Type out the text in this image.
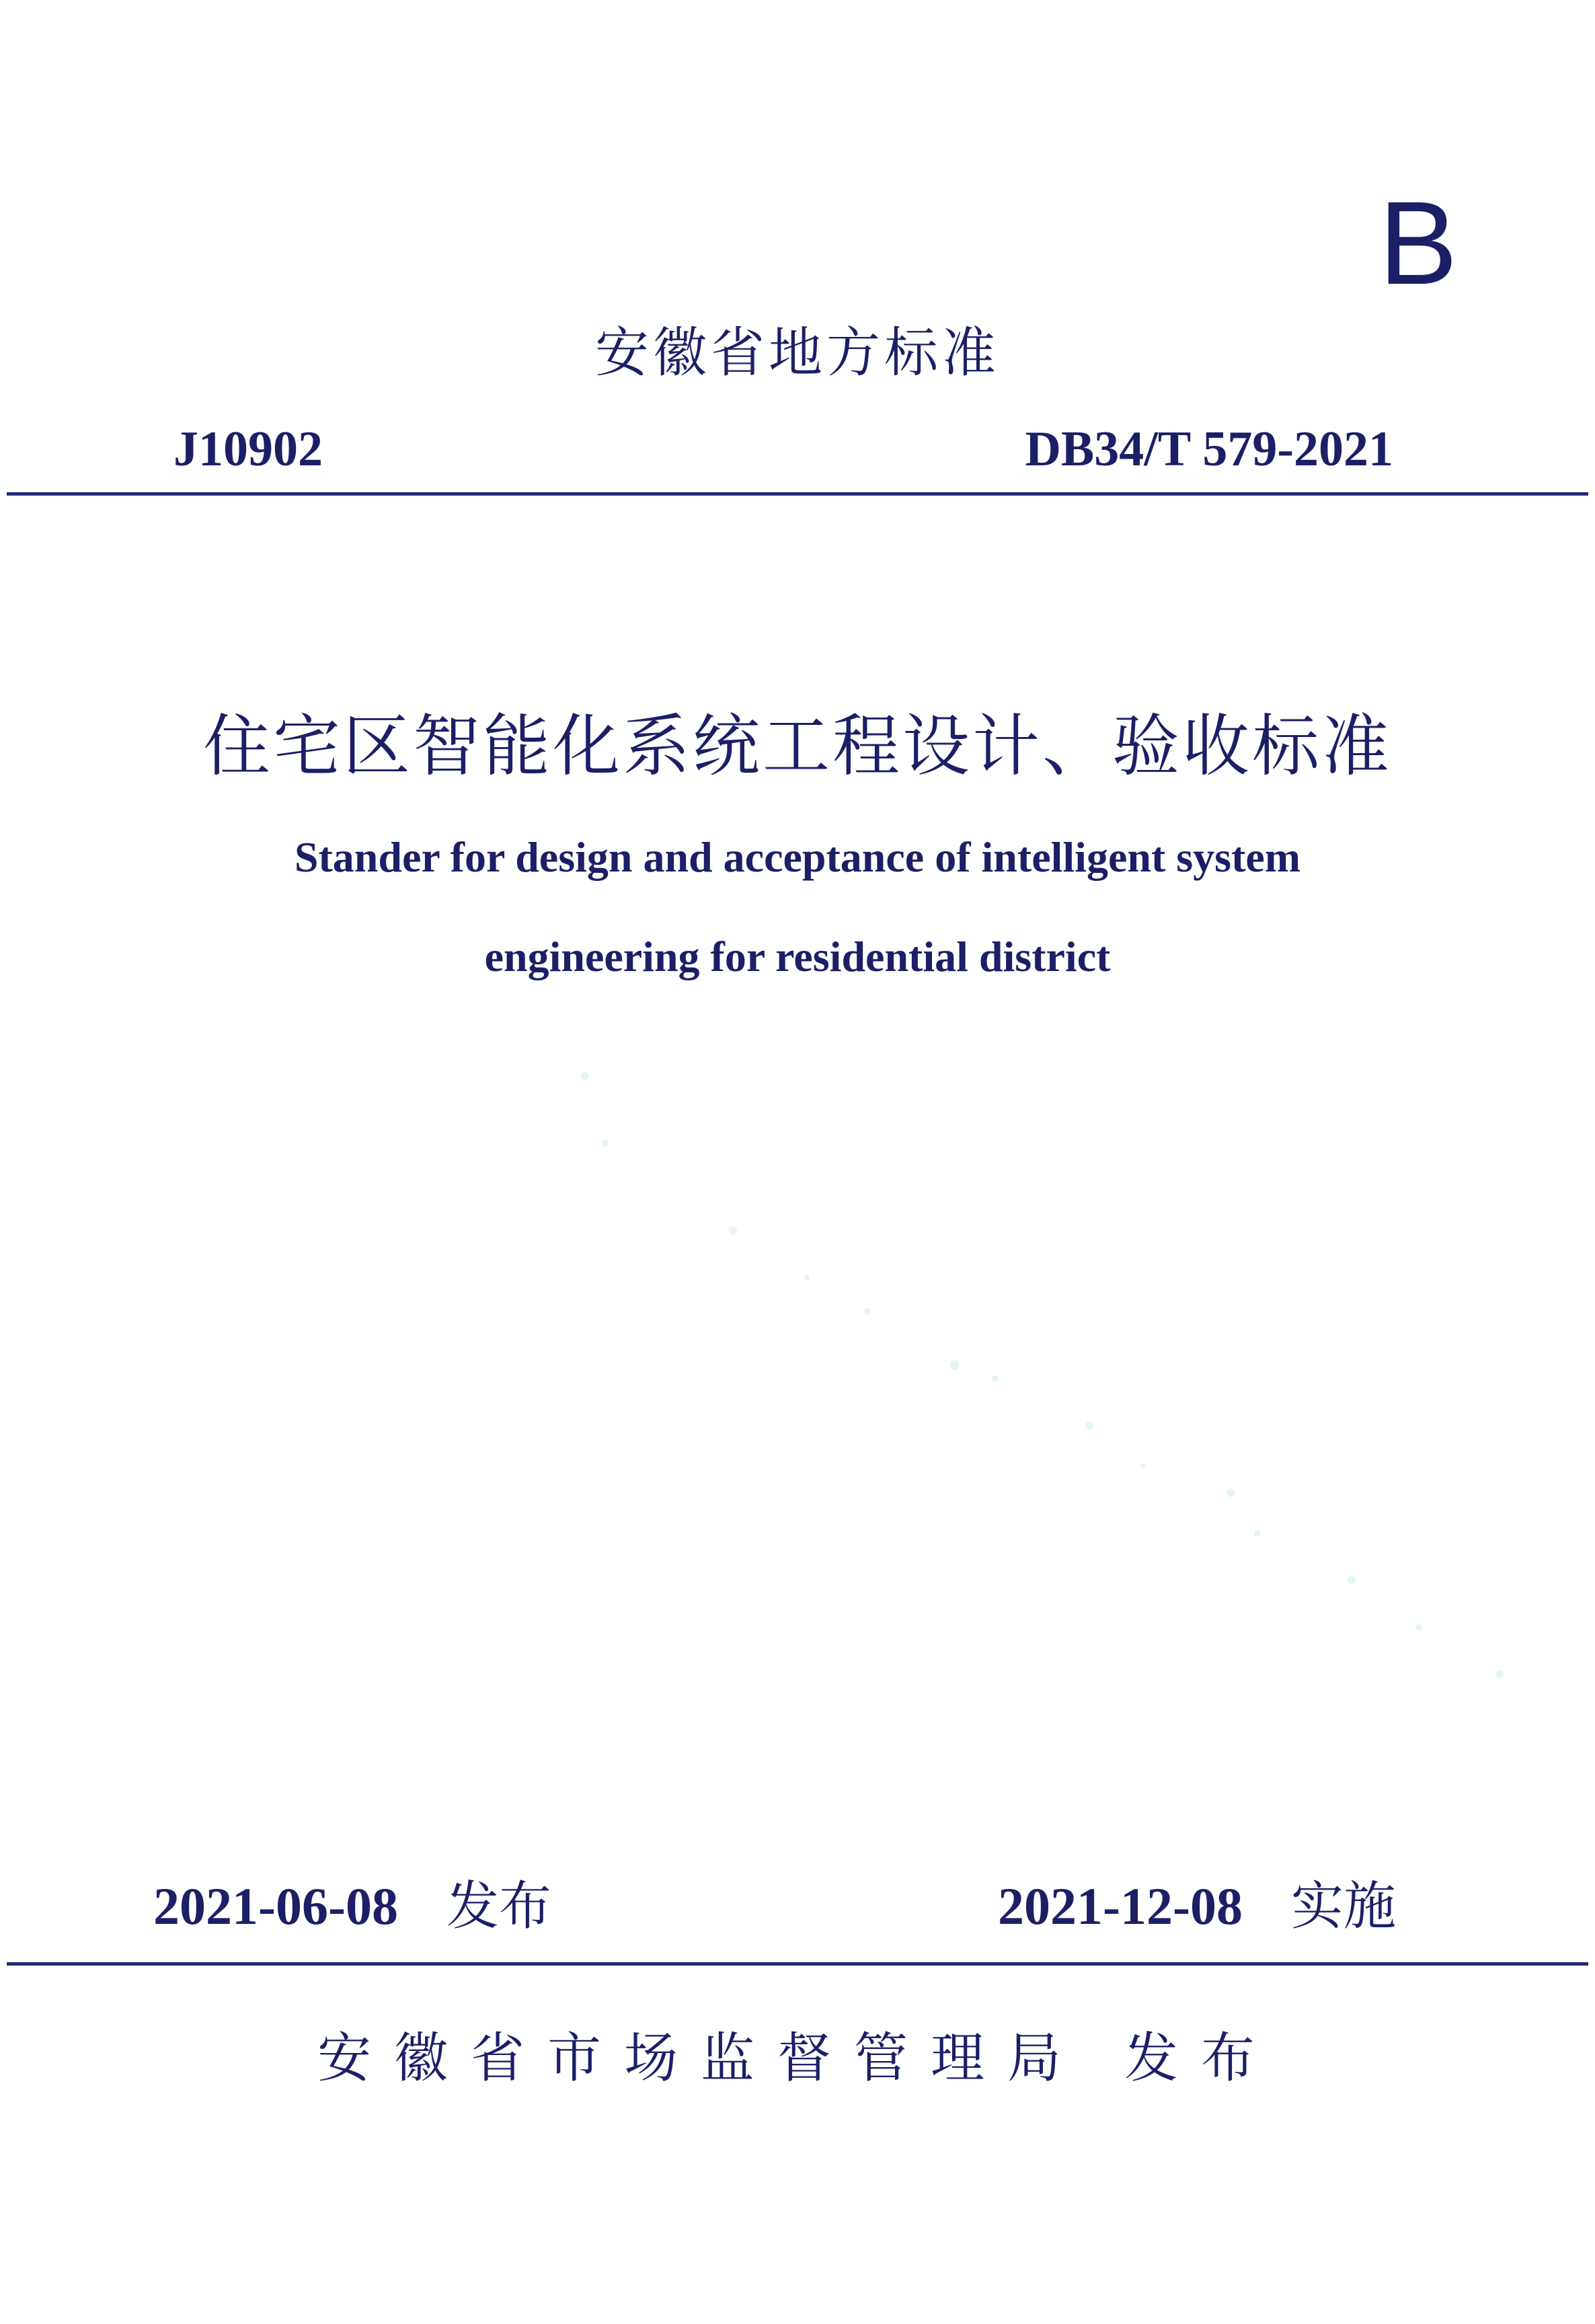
B
安徽省地方标准
J10902	DB34/T 579-2021
住宅区智能化系统工程设计、验收标准
Stander for design and acceptance of intelligent system
engineering for residential district
2021-06-08 发布	2021-12-08 实施
安徽省市场监督管理局 发布
